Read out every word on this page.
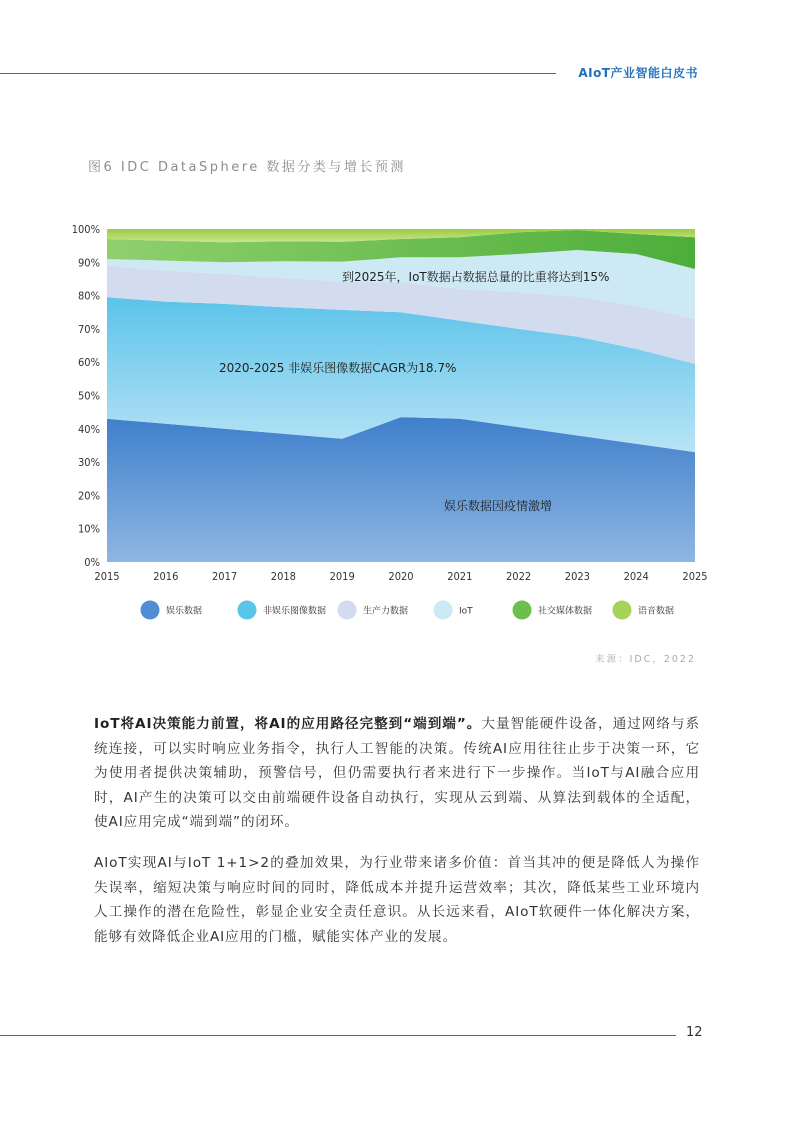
AIoT产业智能白皮书
图6 IDC DataSphere 数据分类与增长预测
0%
10%
20%
30%
40%
50%
60%
70%
80%
90%
100%
2015	2016	2017	2018	2019	2020	2021	2022	2023	2024	2025
到2025年，IoT数据占数据总量的比重将达到15%
2020-2025 非娱乐图像数据CAGR为18.7%
娱乐数据因疫情激增
娱乐数据	非娱乐图像数据	生产力数据	IoT	社交媒体数据	语音数据
来源：IDC，2022

IoT将AI决策能力前置，将AI的应用路径完整到“端到端”。大量智能硬件设备，通过网络与系统连接，可以实时响应业务指令，执行人工智能的决策。传统AI应用往往止步于决策一环，它为使用者提供决策辅助，预警信号，但仍需要执行者来进行下一步操作。当IoT与AI融合应用时，AI产生的决策可以交由前端硬件设备自动执行，实现从云到端、从算法到载体的全适配，使AI应用完成“端到端”的闭环。

AIoT实现AI与IoT 1+1>2的叠加效果，为行业带来诸多价值：首当其冲的便是降低人为操作失误率，缩短决策与响应时间的同时，降低成本并提升运营效率；其次，降低某些工业环境内人工操作的潜在危险性，彰显企业安全责任意识。从长远来看，AIoT软硬件一体化解决方案，能够有效降低企业AI应用的门槛，赋能实体产业的发展。

12
